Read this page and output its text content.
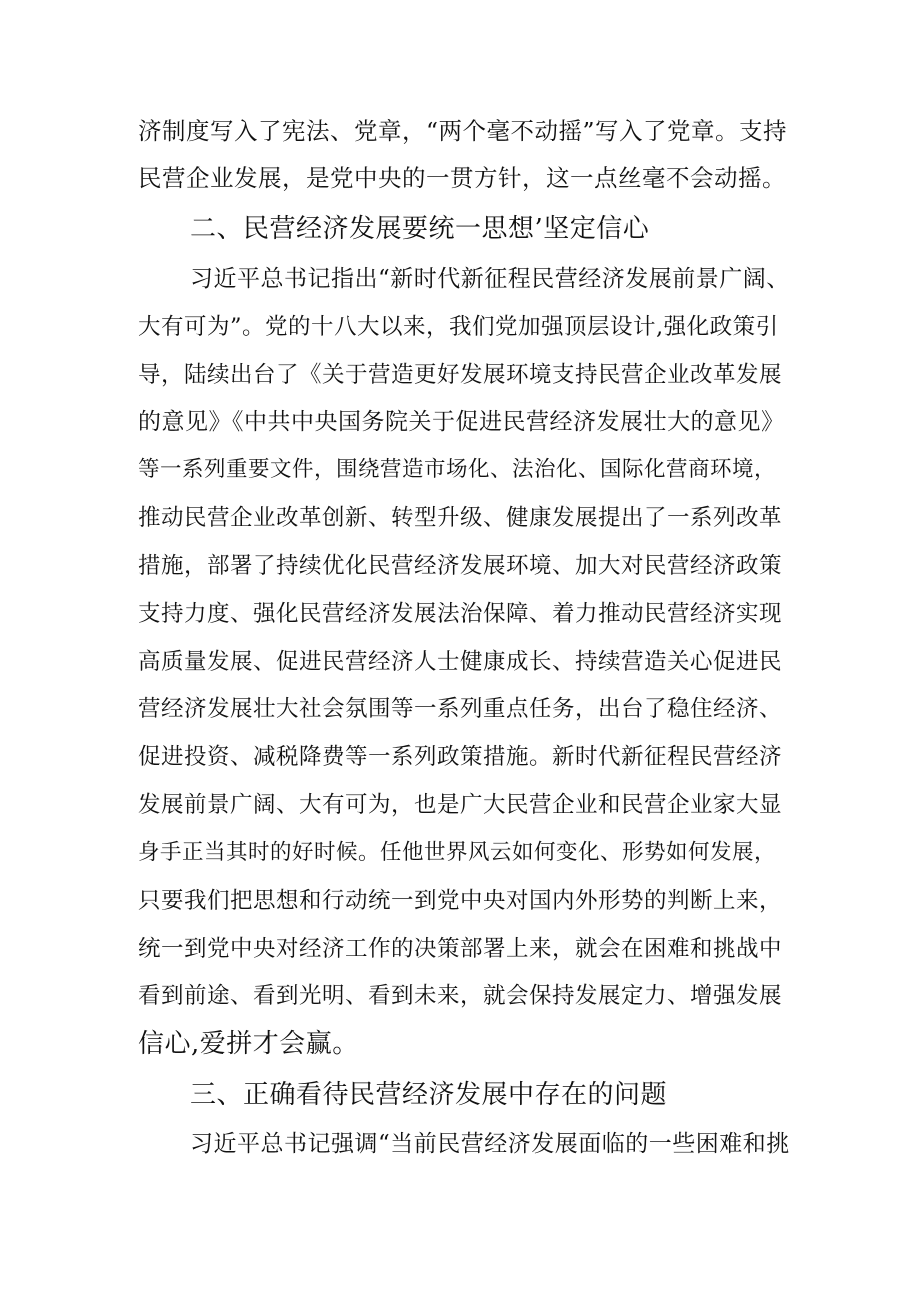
济制度写入了宪法、党章，“两个毫不动摇”写入了党章。支持
民营企业发展，是党中央的一贯方针，这一点丝毫不会动摇。
二、民营经济发展要统一思想’坚定信心
习近平总书记指出“新时代新征程民营经济发展前景广阔、
大有可为”。党的十八大以来，我们党加强顶层设计,强化政策引
导，陆续出台了《关于营造更好发展环境支持民营企业改革发展
的意见》《中共中央国务院关于促进民营经济发展壮大的意见》
等一系列重要文件，围绕营造市场化、法治化、国际化营商环境，
推动民营企业改革创新、转型升级、健康发展提出了一系列改革
措施，部署了持续优化民营经济发展环境、加大对民营经济政策
支持力度、强化民营经济发展法治保障、着力推动民营经济实现
高质量发展、促进民营经济人士健康成长、持续营造关心促进民
营经济发展壮大社会氛围等一系列重点任务，出台了稳住经济、
促进投资、减税降费等一系列政策措施。新时代新征程民营经济
发展前景广阔、大有可为，也是广大民营企业和民营企业家大显
身手正当其时的好时候。任他世界风云如何变化、形势如何发展，
只要我们把思想和行动统一到党中央对国内外形势的判断上来，
统一到党中央对经济工作的决策部署上来，就会在困难和挑战中
看到前途、看到光明、看到未来，就会保持发展定力、增强发展
信心,爱拼才会赢。
三、正确看待民营经济发展中存在的问题
习近平总书记强调“当前民营经济发展面临的一些困难和挑
